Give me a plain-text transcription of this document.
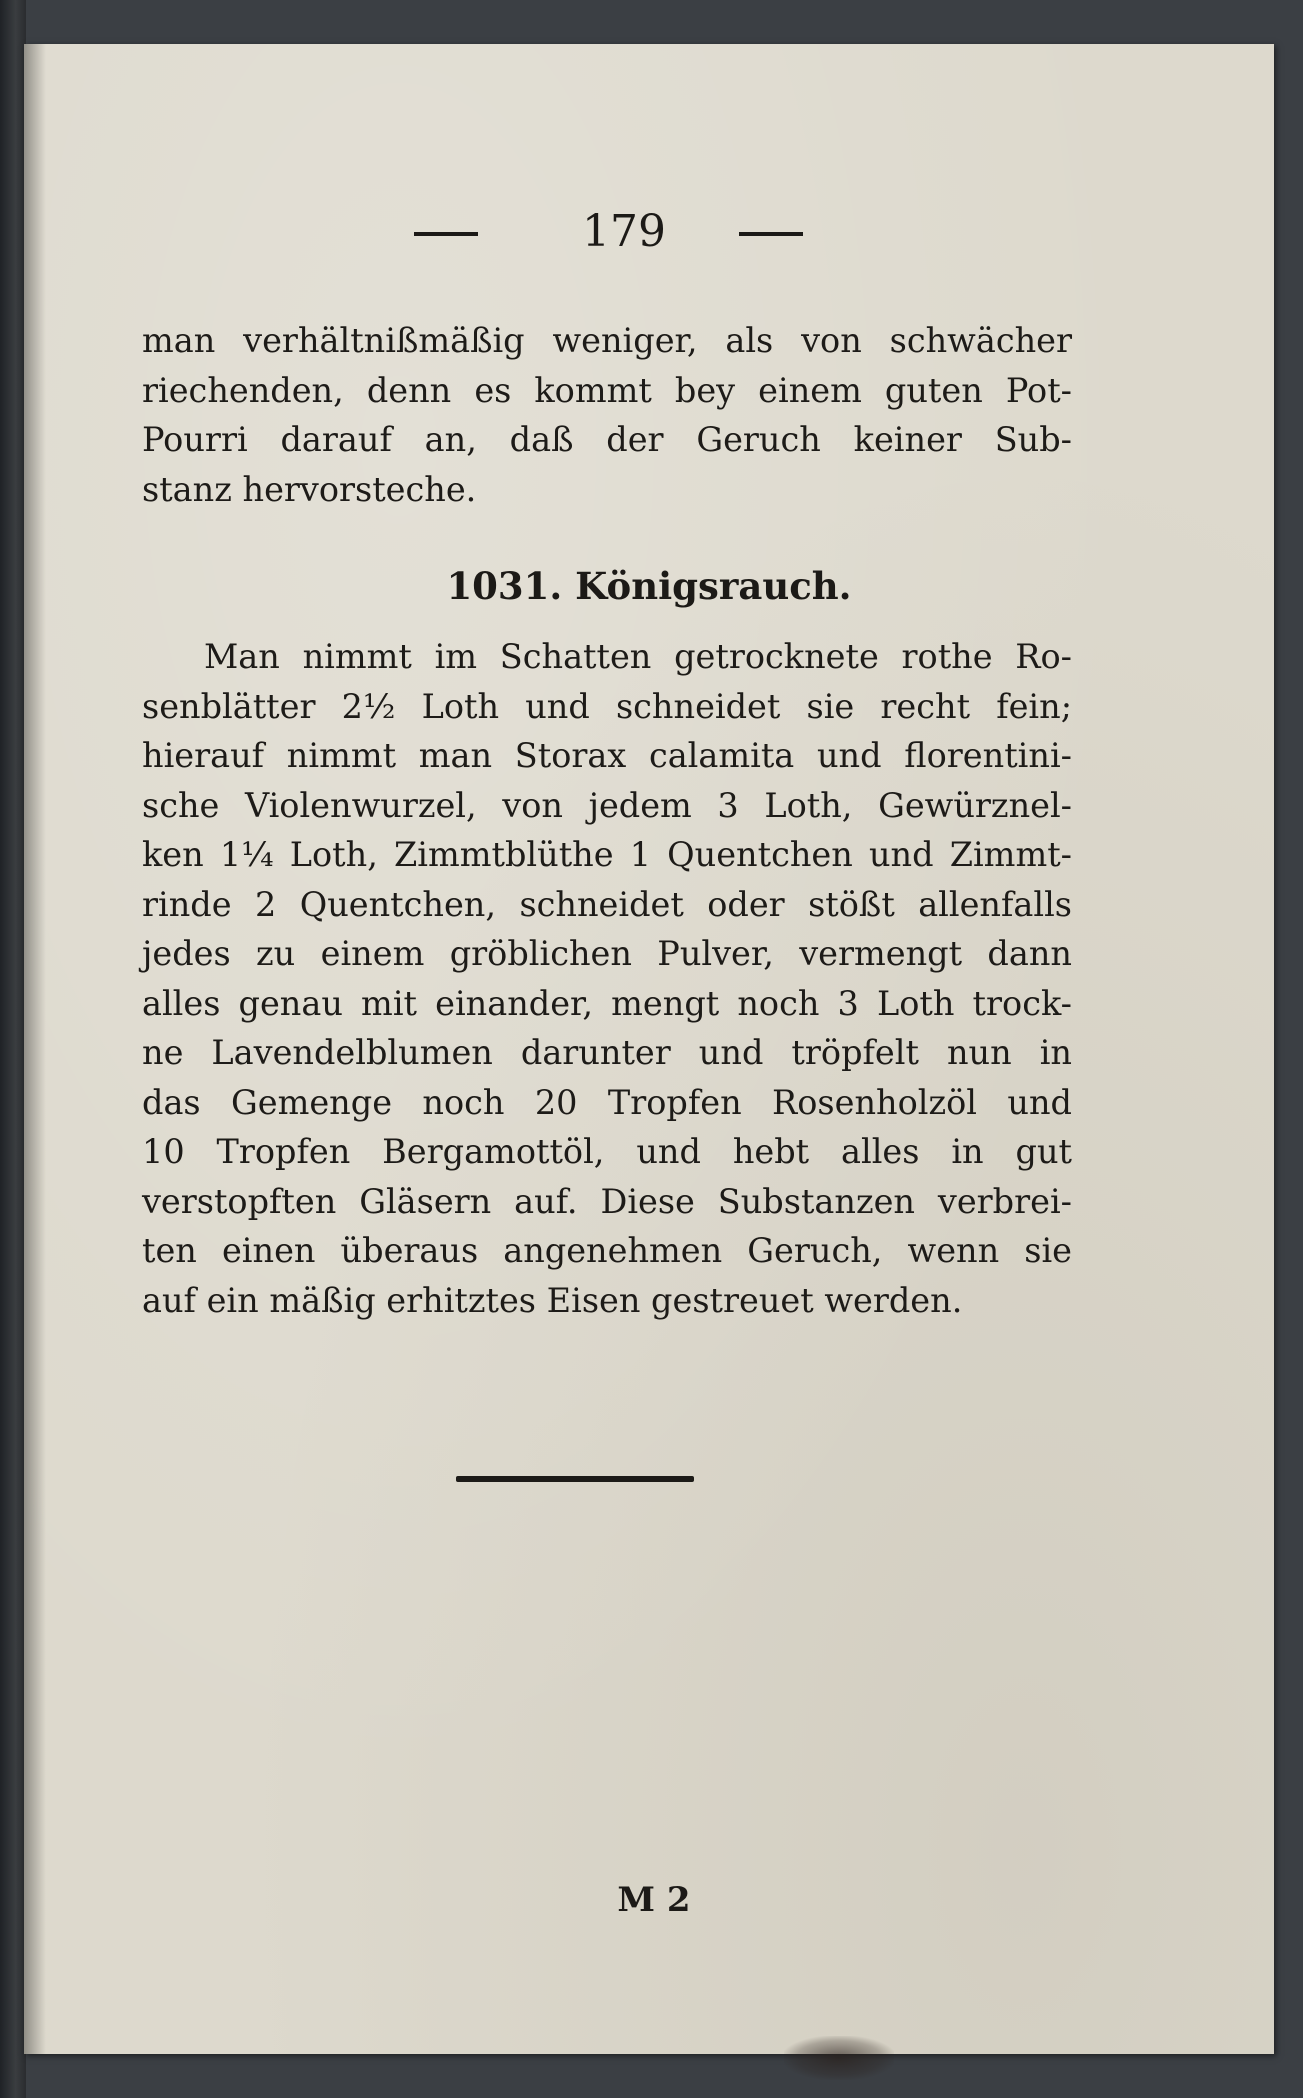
179
man verhältnißmäßig weniger, als von schwächer
riechenden, denn es kommt bey einem guten Pot-
Pourri darauf an, daß der Geruch keiner Sub-
stanz hervorsteche.
1031. Königsrauch.
Man nimmt im Schatten getrocknete rothe Ro-
senblätter 2½ Loth und schneidet sie recht fein;
hierauf nimmt man Storax calamita und florentini-
sche Violenwurzel, von jedem 3 Loth, Gewürznel-
ken 1¼ Loth, Zimmtblüthe 1 Quentchen und Zimmt-
rinde 2 Quentchen, schneidet oder stößt allenfalls
jedes zu einem gröblichen Pulver, vermengt dann
alles genau mit einander, mengt noch 3 Loth trock-
ne Lavendelblumen darunter und tröpfelt nun in
das Gemenge noch 20 Tropfen Rosenholzöl und
10 Tropfen Bergamottöl, und hebt alles in gut
verstopften Gläsern auf. Diese Substanzen verbrei-
ten einen überaus angenehmen Geruch, wenn sie
auf ein mäßig erhitztes Eisen gestreuet werden.
M 2
